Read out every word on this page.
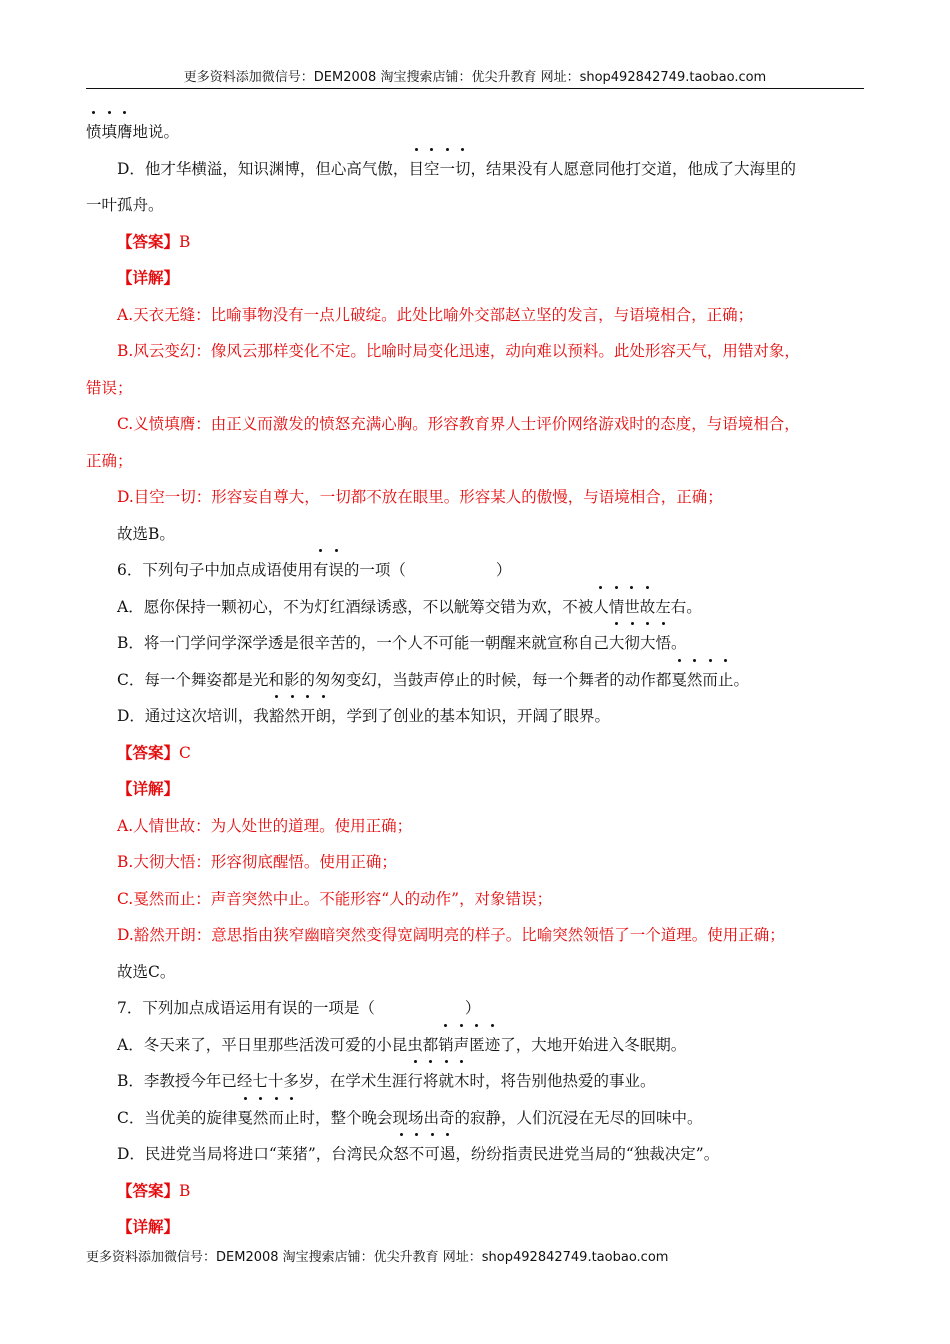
更多资料添加微信号：DEM2008 淘宝搜索店铺：优尖升教育 网址：shop492842749.taobao.com
愤填膺地说。
D．他才华横溢，知识渊博，但心高气傲，目空一切，结果没有人愿意同他打交道，他成了大海里的
一叶孤舟。
【答案】B
【详解】
A.天衣无缝：比喻事物没有一点儿破绽。此处比喻外交部赵立坚的发言，与语境相合，正确；
B.风云变幻：像风云那样变化不定。比喻时局变化迅速，动向难以预料。此处形容天气，用错对象，
错误；
C.义愤填膺：由正义而激发的愤怒充满心胸。形容教育界人士评价网络游戏时的态度，与语境相合，
正确；
D.目空一切：形容妄自尊大，一切都不放在眼里。形容某人的傲慢，与语境相合，正确；
故选B。
6．下列句子中加点成语使用有误的一项（	）
A．愿你保持一颗初心，不为灯红酒绿诱惑，不以觥筹交错为欢，不被人情世故左右。
B．将一门学问学深学透是很辛苦的，一个人不可能一朝醒来就宣称自己大彻大悟。
C．每一个舞姿都是光和影的匆匆变幻，当鼓声停止的时候，每一个舞者的动作都戛然而止。
D．通过这次培训，我豁然开朗，学到了创业的基本知识，开阔了眼界。
【答案】C
【详解】
A.人情世故：为人处世的道理。使用正确；
B.大彻大悟：形容彻底醒悟。使用正确；
C.戛然而止：声音突然中止。不能形容“人的动作”，对象错误；
D.豁然开朗：意思指由狭窄幽暗突然变得宽阔明亮的样子。比喻突然领悟了一个道理。使用正确；
故选C。
7．下列加点成语运用有误的一项是（	）
A．冬天来了，平日里那些活泼可爱的小昆虫都销声匿迹了，大地开始进入冬眠期。
B．李教授今年已经七十多岁，在学术生涯行将就木时，将告别他热爱的事业。
C．当优美的旋律戛然而止时，整个晚会现场出奇的寂静，人们沉浸在无尽的回味中。
D．民进党当局将进口“莱猪”，台湾民众怒不可遏，纷纷指责民进党当局的“独裁决定”。
【答案】B
【详解】
更多资料添加微信号：DEM2008 淘宝搜索店铺：优尖升教育 网址：shop492842749.taobao.com
